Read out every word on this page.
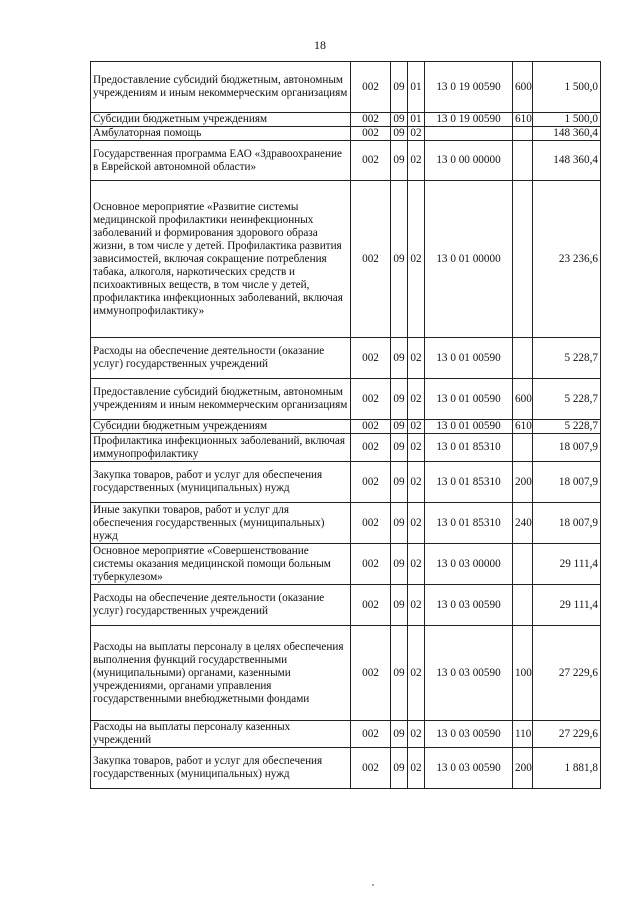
18
Предоставление субсидий бюджетным, автономным учреждениям и иным некоммерческим организациям	002	09	01	13 0 19 00590	600	1 500,0
Субсидии бюджетным учреждениям	002	09	01	13 0 19 00590	610	1 500,0
Амбулаторная помощь	002	09	02			148 360,4
Государственная программа ЕАО «Здравоохранение в Еврейской автономной области»	002	09	02	13 0 00 00000		148 360,4
Основное мероприятие «Развитие системы медицинской профилактики неинфекционных заболеваний и формирования здорового образа жизни, в том числе у детей. Профилактика развития зависимостей, включая сокращение потребления табака, алкоголя, наркотических средств и психоактивных веществ, в том числе у детей, профилактика инфекционных заболеваний, включая иммунопрофилактику»	002	09	02	13 0 01 00000		23 236,6
Расходы на обеспечение деятельности (оказание услуг) государственных учреждений	002	09	02	13 0 01 00590		5 228,7
Предоставление субсидий бюджетным, автономным учреждениям и иным некоммерческим организациям	002	09	02	13 0 01 00590	600	5 228,7
Субсидии бюджетным учреждениям	002	09	02	13 0 01 00590	610	5 228,7
Профилактика инфекционных заболеваний, включая иммунопрофилактику	002	09	02	13 0 01 85310		18 007,9
Закупка товаров, работ и услуг для обеспечения государственных (муниципальных) нужд	002	09	02	13 0 01 85310	200	18 007,9
Иные закупки товаров, работ и услуг для обеспечения государственных (муниципальных) нужд	002	09	02	13 0 01 85310	240	18 007,9
Основное мероприятие «Совершенствование системы оказания медицинской помощи больным туберкулезом»	002	09	02	13 0 03 00000		29 111,4
Расходы на обеспечение деятельности (оказание услуг) государственных учреждений	002	09	02	13 0 03 00590		29 111,4
Расходы на выплаты персоналу в целях обеспечения выполнения функций государственными (муниципальными) органами, казенными учреждениями, органами управления государственными внебюджетными фондами	002	09	02	13 0 03 00590	100	27 229,6
Расходы на выплаты персоналу казенных учреждений	002	09	02	13 0 03 00590	110	27 229,6
Закупка товаров, работ и услуг для обеспечения государственных (муниципальных) нужд	002	09	02	13 0 03 00590	200	1 881,8
